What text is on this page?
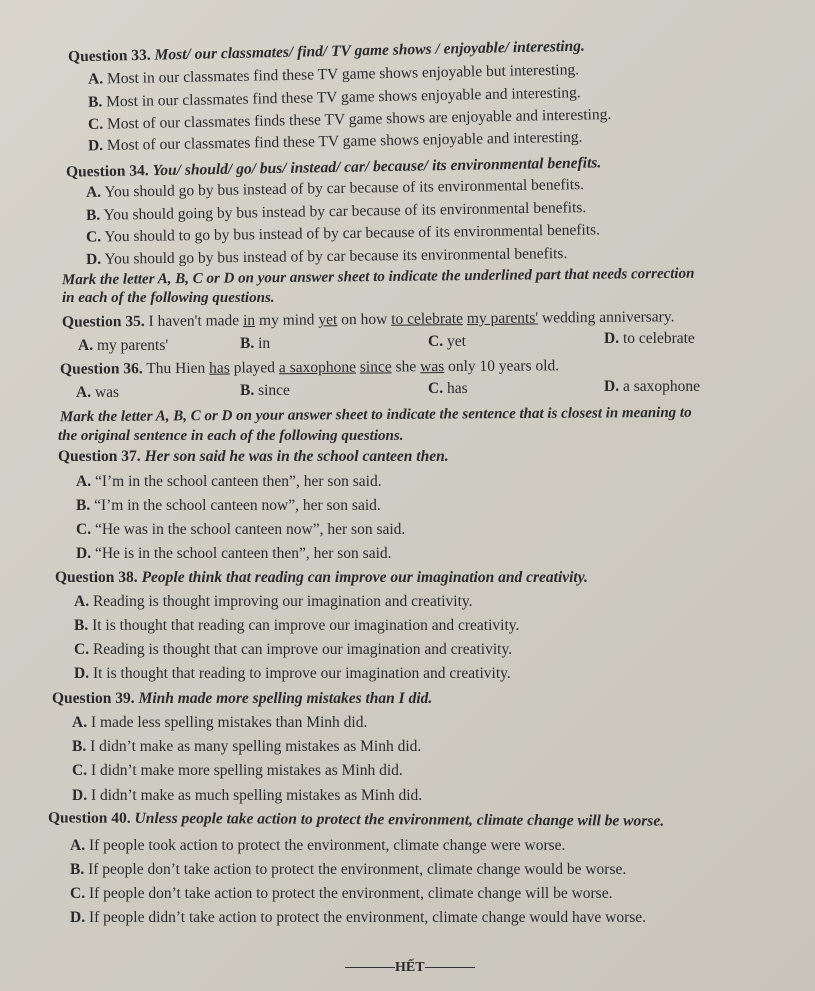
Question 33. Most/ our classmates/ find/ TV game shows / enjoyable/ interesting.
A. Most in our classmates find these TV game shows enjoyable but interesting.
B. Most in our classmates find these TV game shows enjoyable and interesting.
C. Most of our classmates finds these TV game shows are enjoyable and interesting.
D. Most of our classmates find these TV game shows enjoyable and interesting.
Question 34. You/ should/ go/ bus/ instead/ car/ because/ its environmental benefits.
A. You should go by bus instead of by car because of its environmental benefits.
B. You should going by bus instead by car because of its environmental benefits.
C. You should to go by bus instead of by car because of its environmental benefits.
D. You should go by bus instead of by car because its environmental benefits.
Mark the letter A, B, C or D on your answer sheet to indicate the underlined part that needs correction
in each of the following questions.
Question 35. I haven't made in my mind yet on how to celebrate my parents' wedding anniversary.
A. my parents'	B. in	C. yet	D. to celebrate
Question 36. Thu Hien has played a saxophone since she was only 10 years old.
A. was	B. since	C. has	D. a saxophone
Mark the letter A, B, C or D on your answer sheet to indicate the sentence that is closest in meaning to
the original sentence in each of the following questions.
Question 37. Her son said he was in the school canteen then.
A. “I’m in the school canteen then”, her son said.
B. “I’m in the school canteen now”, her son said.
C. “He was in the school canteen now”, her son said.
D. “He is in the school canteen then”, her son said.
Question 38. People think that reading can improve our imagination and creativity.
A. Reading is thought improving our imagination and creativity.
B. It is thought that reading can improve our imagination and creativity.
C. Reading is thought that can improve our imagination and creativity.
D. It is thought that reading to improve our imagination and creativity.
Question 39. Minh made more spelling mistakes than I did.
A. I made less spelling mistakes than Minh did.
B. I didn’t make as many spelling mistakes as Minh did.
C. I didn’t make more spelling mistakes as Minh did.
D. I didn’t make as much spelling mistakes as Minh did.
Question 40. Unless people take action to protect the environment, climate change will be worse.
A. If people took action to protect the environment, climate change were worse.
B. If people don’t take action to protect the environment, climate change would be worse.
C. If people don’t take action to protect the environment, climate change will be worse.
D. If people didn’t take action to protect the environment, climate change would have worse.
HẾT
